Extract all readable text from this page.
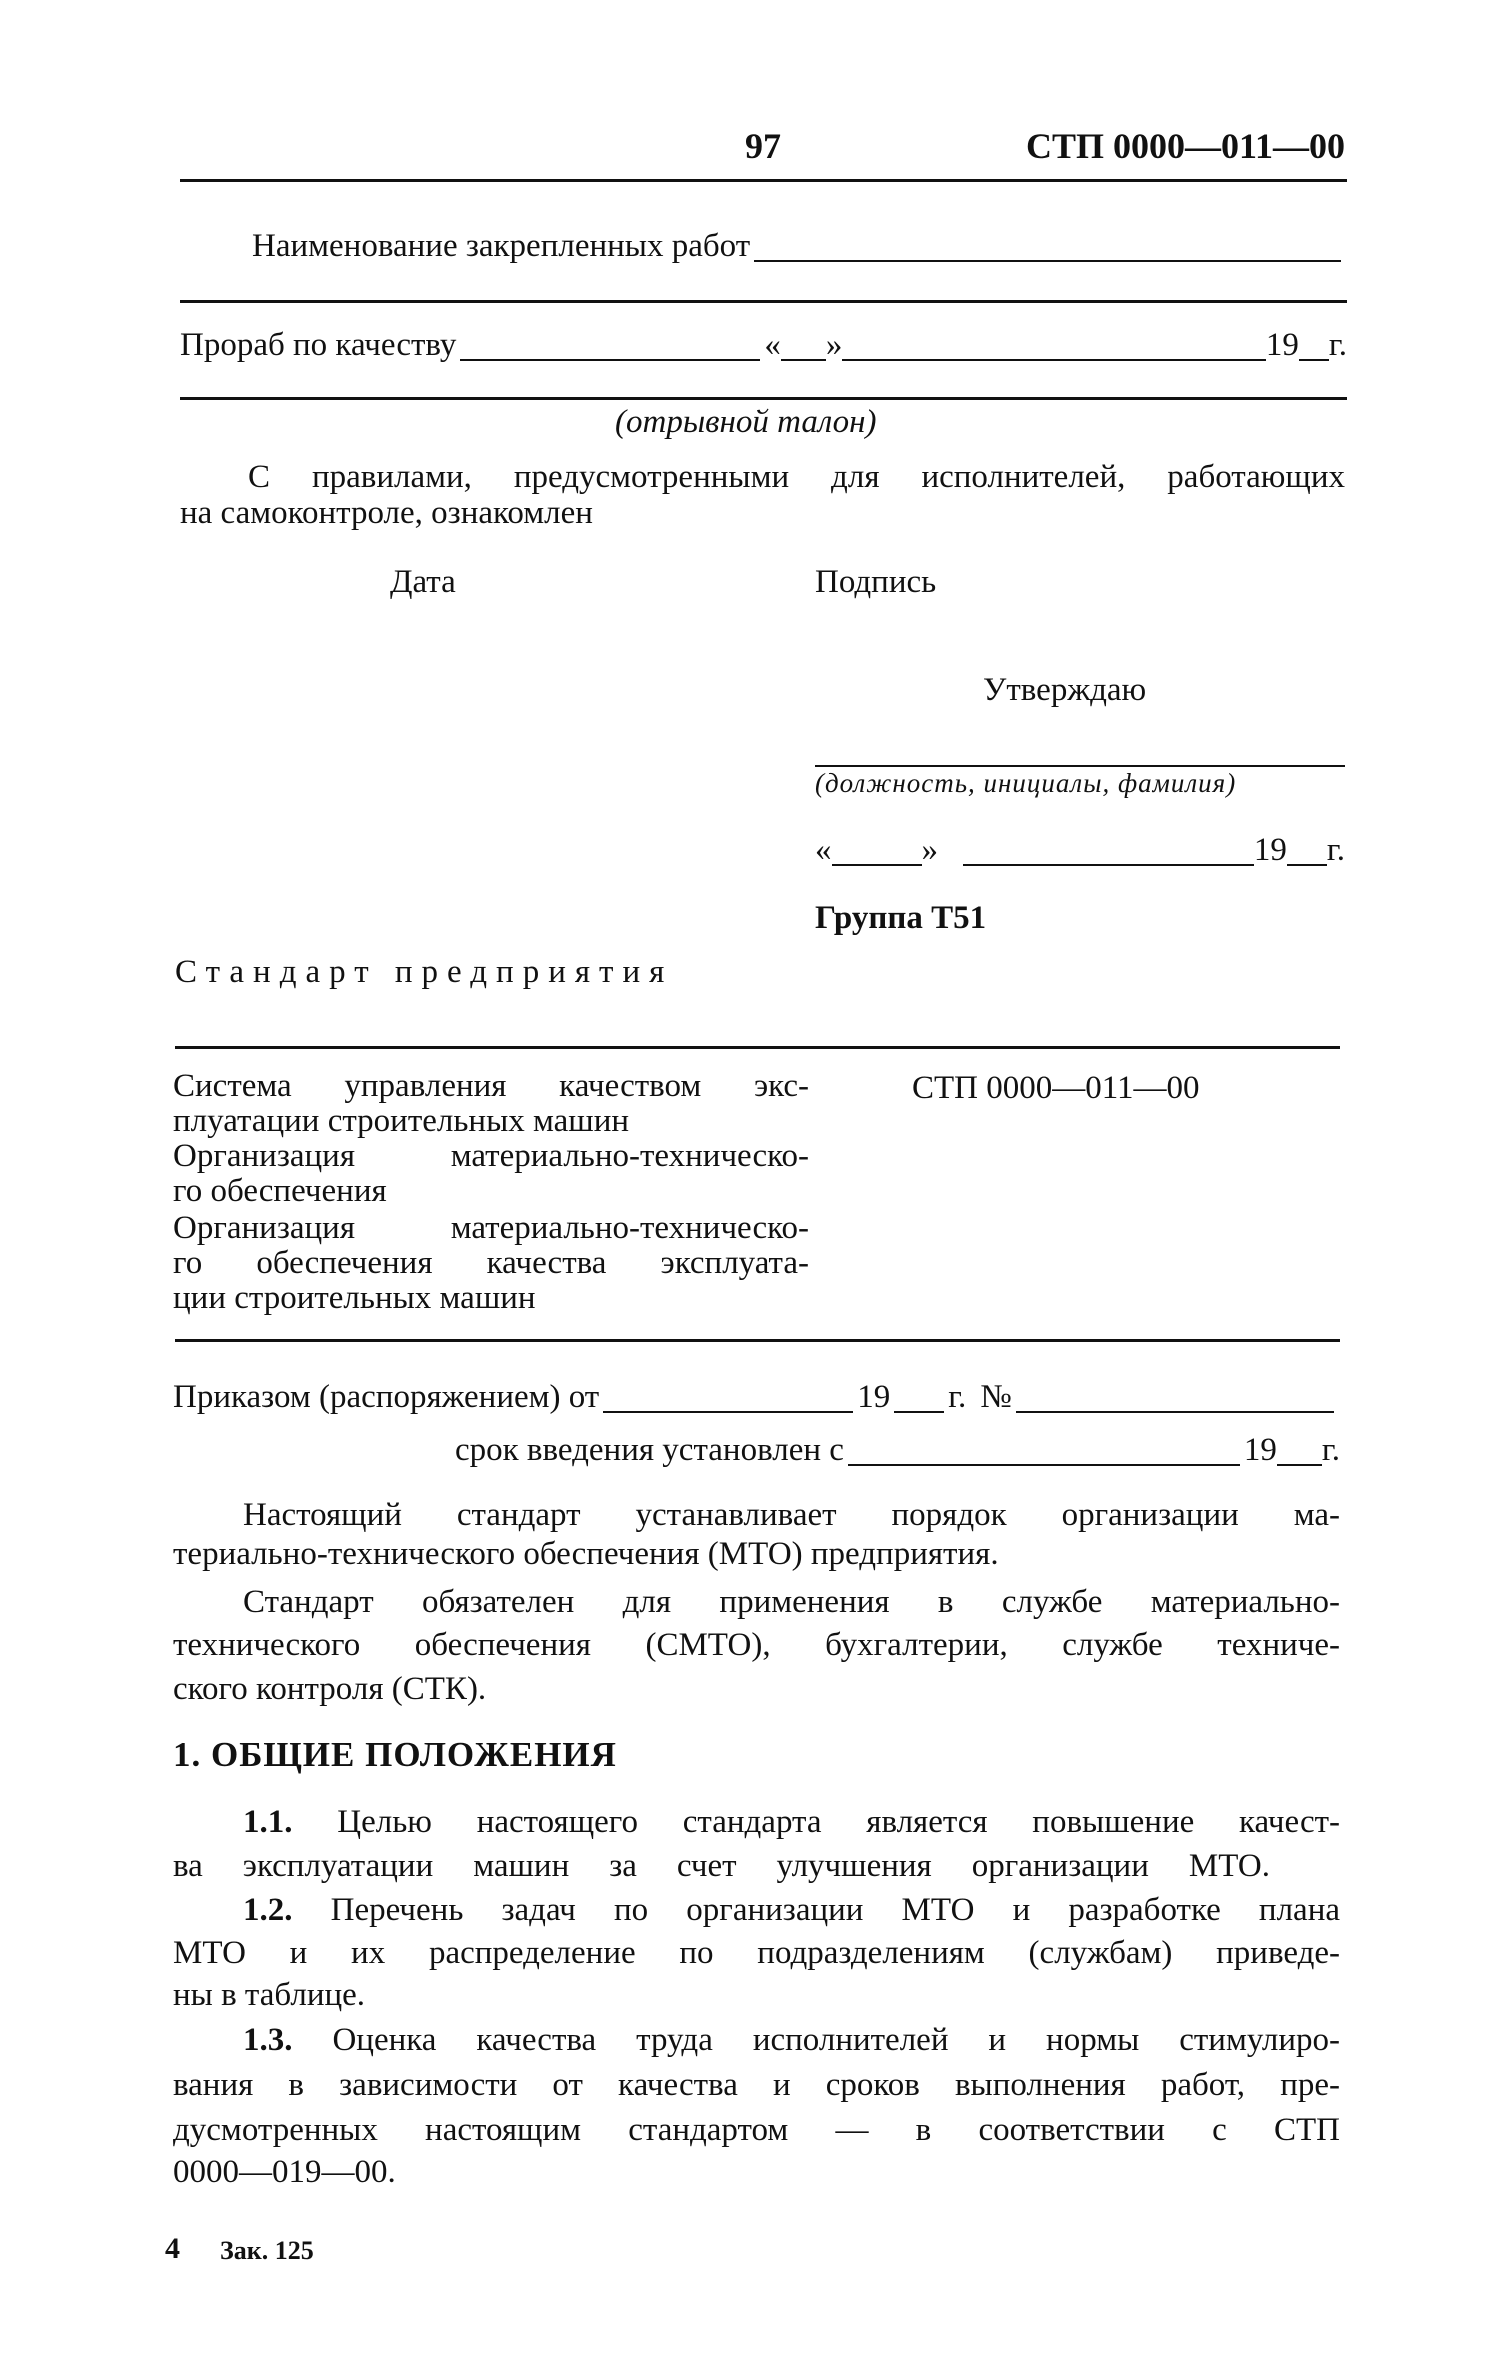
97	СТП 0000—011—00
Наименование закрепленных работ
Прораб по качеству	« »	19 г.
(отрывной талон)
С правилами, предусмотренными для исполнителей, работающих
на самоконтроле, ознакомлен
Дата	Подпись
Утверждаю
(должность, инициалы, фамилия)
«	»	19 г.
Группа Т51
Стандарт предприятия
Система управления качеством экс-
плуатации строительных машин
Организация материально-техническо-
го обеспечения
Организация материально-техническо-
го обеспечения качества эксплуата-
ции строительных машин
СТП 0000—011—00
Приказом (распоряжением) от	19 г. №
срок введения установлен с	19 г.
Настоящий стандарт устанавливает порядок организации ма-
териально-технического обеспечения (МТО) предприятия.
Стандарт обязателен для применения в службе материально-
технического обеспечения (СМТО), бухгалтерии, службе техниче-
ского контроля (СТК).
1. ОБЩИЕ ПОЛОЖЕНИЯ
1.1. Целью настоящего стандарта является повышение качест-
ва эксплуатации машин за счет улучшения организации МТО.
1.2. Перечень задач по организации МТО и разработке плана
МТО и их распределение по подразделениям (службам) приведе-
ны в таблице.
1.3. Оценка качества труда исполнителей и нормы стимулиро-
вания в зависимости от качества и сроков выполнения работ, пре-
дусмотренных настоящим стандартом — в соответствии с СТП
0000—019—00.
4 Зак. 125
